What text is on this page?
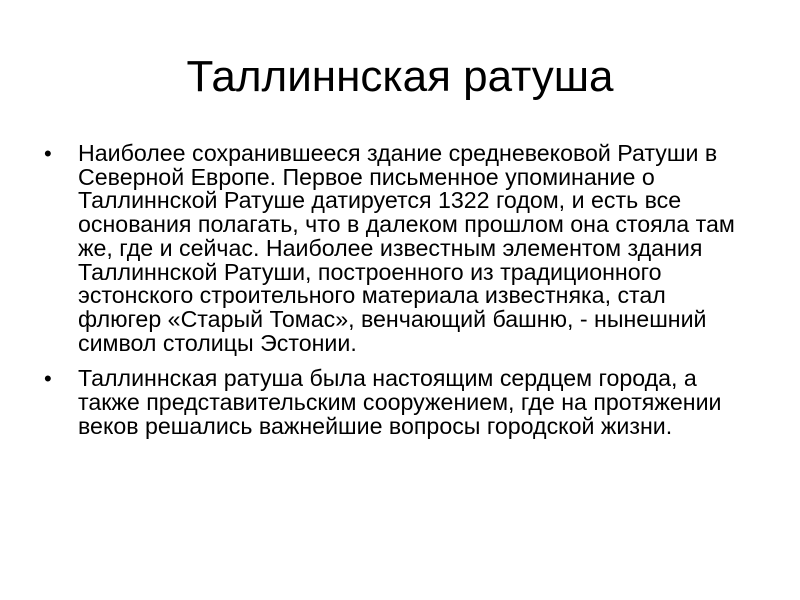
Таллиннская ратуша
• Наиболее сохранившееся здание средневековой Ратуши в Северной Европе. Первое письменное упоминание о Таллиннской Ратуше датируется 1322 годом, и есть все основания полагать, что в далеком прошлом она стояла там же, где и сейчас. Наиболее известным элементом здания Таллиннской Ратуши, построенного из традиционного эстонского строительного материала известняка, стал флюгер «Старый Томас», венчающий башню, - нынешний символ столицы Эстонии.
• Таллиннская ратуша была настоящим сердцем города, а также представительским сооружением, где на протяжении веков решались важнейшие вопросы городской жизни.
